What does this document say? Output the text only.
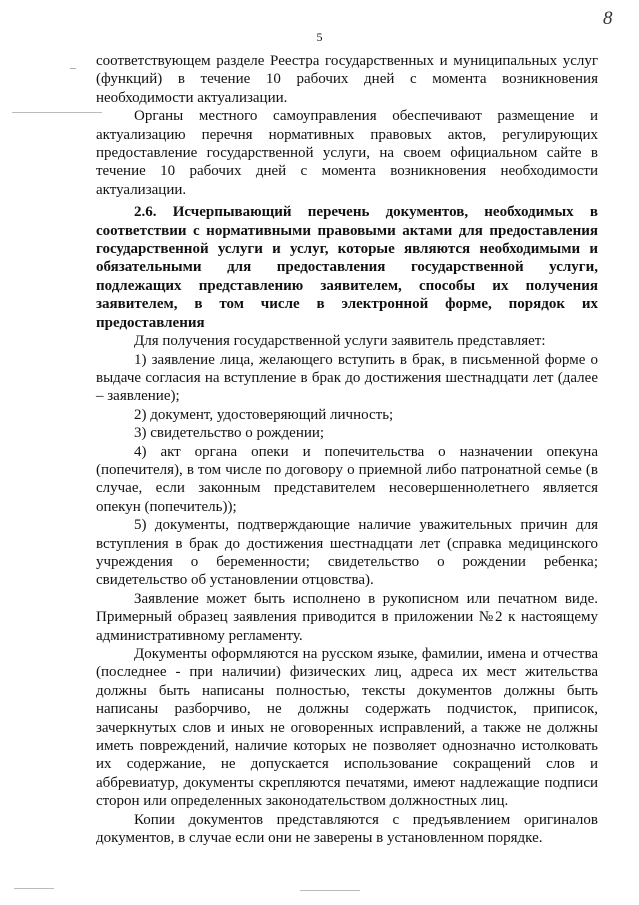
8
5
– соответствующем разделе Реестра государственных и муниципальных услуг (функций) в течение 10 рабочих дней с момента возникновения необходимости актуализации.

Органы местного самоуправления обеспечивают размещение и актуализацию перечня нормативных правовых актов, регулирующих предоставление государственной услуги, на своем официальном сайте в течение 10 рабочих дней с момента возникновения необходимости актуализации.

2.6. Исчерпывающий перечень документов, необходимых в соответствии с нормативными правовыми актами для предоставления государственной услуги и услуг, которые являются необходимыми и обязательными для предоставления государственной услуги, подлежащих представлению заявителем, способы их получения заявителем, в том числе в электронной форме, порядок их предоставления

Для получения государственной услуги заявитель представляет:

1) заявление лица, желающего вступить в брак, в письменной форме о выдаче согласия на вступление в брак до достижения шестнадцати лет (далее – заявление);

2) документ, удостоверяющий личность;

3) свидетельство о рождении;

4) акт органа опеки и попечительства о назначении опекуна (попечителя), в том числе по договору о приемной либо патронатной семье (в случае, если законным представителем несовершеннолетнего является опекун (попечитель));

5) документы, подтверждающие наличие уважительных причин для вступления в брак до достижения шестнадцати лет (справка медицинского учреждения о беременности; свидетельство о рождении ребенка; свидетельство об установлении отцовства).

Заявление может быть исполнено в рукописном или печатном виде. Примерный образец заявления приводится в приложении №2 к настоящему административному регламенту.

Документы оформляются на русском языке, фамилии, имена и отчества (последнее - при наличии) физических лиц, адреса их мест жительства должны быть написаны полностью, тексты документов должны быть написаны разборчиво, не должны содержать подчисток, приписок, зачеркнутых слов и иных не оговоренных исправлений, а также не должны иметь повреждений, наличие которых не позволяет однозначно истолковать их содержание, не допускается использование сокращений слов и аббревиатур, документы скрепляются печатями, имеют надлежащие подписи сторон или определенных законодательством должностных лиц.

Копии документов представляются с предъявлением оригиналов документов, в случае если они не заверены в установленном порядке.
